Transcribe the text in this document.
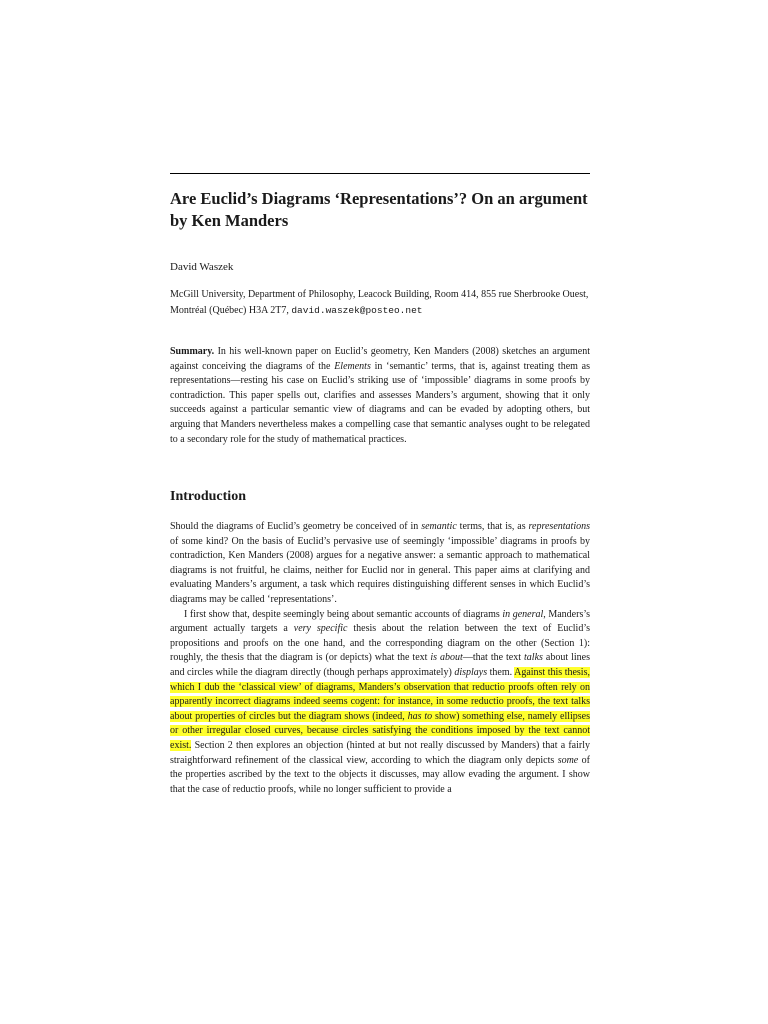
Are Euclid’s Diagrams ‘Representations’? On an argument by Ken Manders

David Waszek

McGill University, Department of Philosophy, Leacock Building, Room 414, 855 rue Sherbrooke Ouest, Montréal (Québec) H3A 2T7, david.waszek@posteo.net

Summary. In his well-known paper on Euclid’s geometry, Ken Manders (2008) sketches an argument against conceiving the diagrams of the Elements in ‘semantic’ terms, that is, against treating them as representations—resting his case on Euclid’s striking use of ‘impossible’ diagrams in some proofs by contradiction. This paper spells out, clarifies and assesses Manders’s argument, showing that it only succeeds against a particular semantic view of diagrams and can be evaded by adopting others, but arguing that Manders nevertheless makes a compelling case that semantic analyses ought to be relegated to a secondary role for the study of mathematical practices.

Introduction

Should the diagrams of Euclid’s geometry be conceived of in semantic terms, that is, as representations of some kind? On the basis of Euclid’s pervasive use of seemingly ‘impossible’ diagrams in proofs by contradiction, Ken Manders (2008) argues for a negative answer: a semantic approach to mathematical diagrams is not fruitful, he claims, neither for Euclid nor in general. This paper aims at clarifying and evaluating Manders’s argument, a task which requires distinguishing different senses in which Euclid’s diagrams may be called ‘representations’.

I first show that, despite seemingly being about semantic accounts of diagrams in general, Manders’s argument actually targets a very specific thesis about the relation between the text of Euclid’s propositions and proofs on the one hand, and the corresponding diagram on the other (Section 1): roughly, the thesis that the diagram is (or depicts) what the text is about—that the text talks about lines and circles while the diagram directly (though perhaps approximately) displays them. Against this thesis, which I dub the ‘classical view’ of diagrams, Manders’s observation that reductio proofs often rely on apparently incorrect diagrams indeed seems cogent: for instance, in some reductio proofs, the text talks about properties of circles but the diagram shows (indeed, has to show) something else, namely ellipses or other irregular closed curves, because circles satisfying the conditions imposed by the text cannot exist. Section 2 then explores an objection (hinted at but not really discussed by Manders) that a fairly straightforward refinement of the classical view, according to which the diagram only depicts some of the properties ascribed by the text to the objects it discusses, may allow evading the argument. I show that the case of reductio proofs, while no longer sufficient to provide a
